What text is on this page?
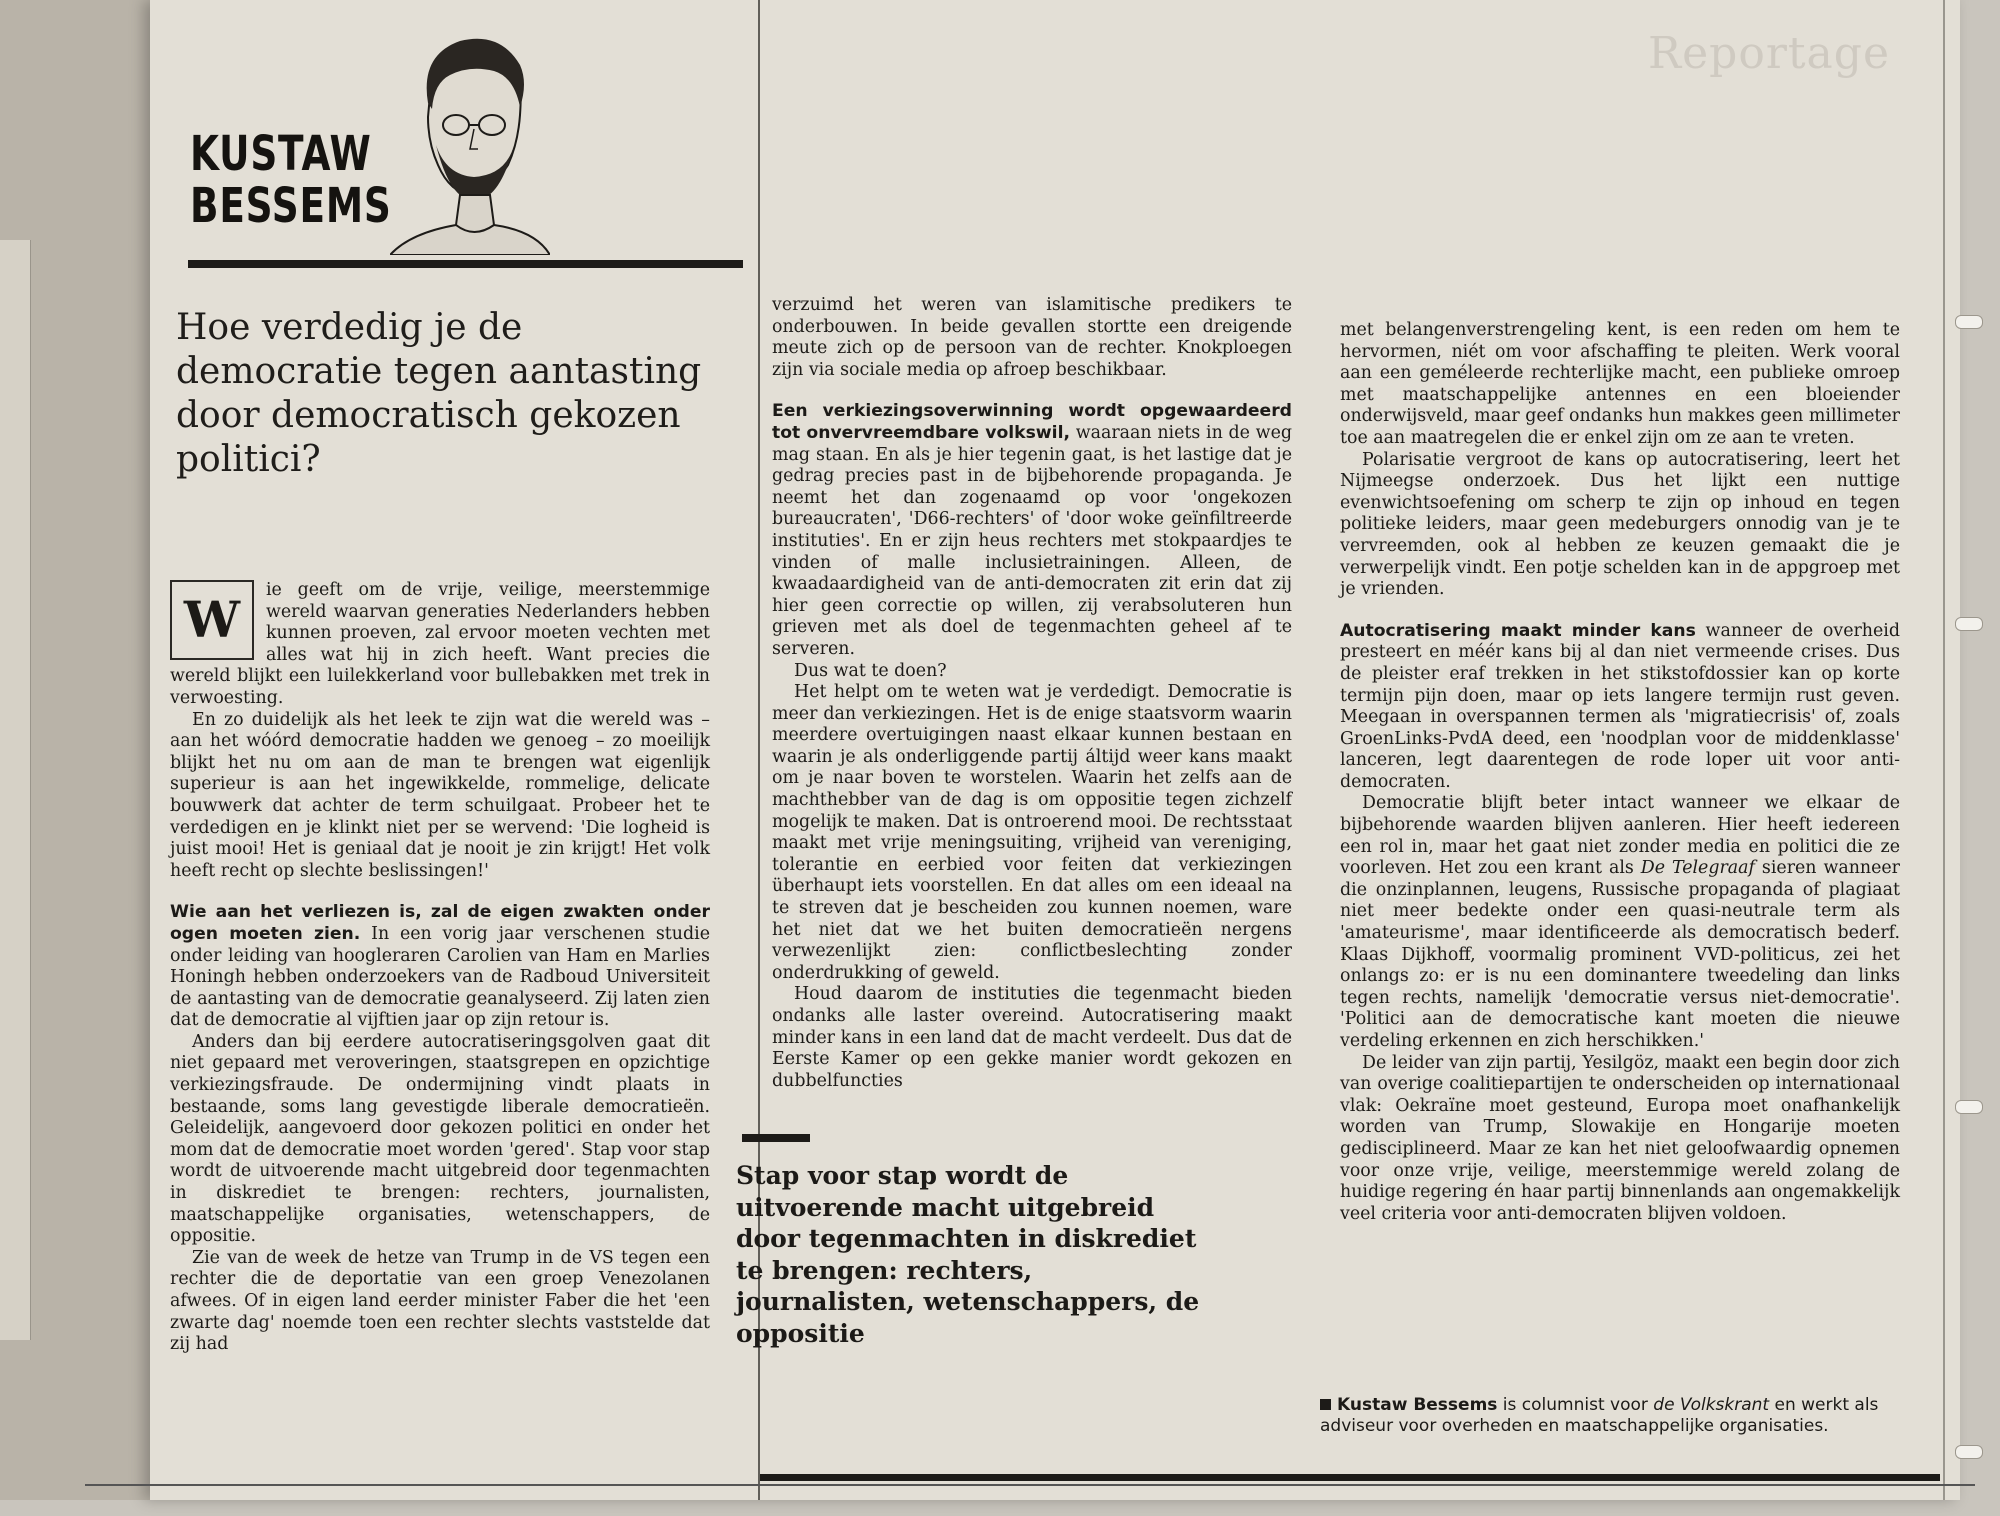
Reportage
KUSTAW
BESSEMS
Hoe verdedig je de democratie tegen aantasting door democratisch gekozen politici?

W
ie geeft om de vrije, veilige, meerstemmige wereld waarvan generaties Nederlanders hebben kunnen proeven, zal ervoor moeten vechten met alles wat hij in zich heeft. Want precies die wereld blijkt een luilekkerland voor bullebakken met trek in verwoesting.

En zo duidelijk als het leek te zijn wat die wereld was – aan het wóórd democratie hadden we genoeg – zo moeilijk blijkt het nu om aan de man te brengen wat eigenlijk superieur is aan het ingewikkelde, rommelige, delicate bouwwerk dat achter de term schuilgaat. Probeer het te verdedigen en je klinkt niet per se wervend: 'Die logheid is juist mooi! Het is geniaal dat je nooit je zin krijgt! Het volk heeft recht op slechte beslissingen!'

Wie aan het verliezen is, zal de eigen zwakten onder ogen moeten zien. In een vorig jaar verschenen studie onder leiding van hoogleraren Carolien van Ham en Marlies Honingh hebben onderzoekers van de Radboud Universiteit de aantasting van de democratie geanalyseerd. Zij laten zien dat de democratie al vijftien jaar op zijn retour is.

Anders dan bij eerdere autocratiseringsgolven gaat dit niet gepaard met veroveringen, staatsgrepen en opzichtige verkiezingsfraude. De ondermijning vindt plaats in bestaande, soms lang gevestigde liberale democratieën. Geleidelijk, aangevoerd door gekozen politici en onder het mom dat de democratie moet worden 'gered'. Stap voor stap wordt de uitvoerende macht uitgebreid door tegenmachten in diskrediet te brengen: rechters, journalisten, maatschappelijke organisaties, wetenschappers, de oppositie.

Zie van de week de hetze van Trump in de VS tegen een rechter die de deportatie van een groep Venezolanen afwees. Of in eigen land eerder minister Faber die het 'een zwarte dag' noemde toen een rechter slechts vaststelde dat zij had

verzuimd het weren van islamitische predikers te onderbouwen. In beide gevallen stortte een dreigende meute zich op de persoon van de rechter. Knokploegen zijn via sociale media op afroep beschikbaar.

Een verkiezingsoverwinning wordt opgewaardeerd tot onvervreemdbare volkswil, waaraan niets in de weg mag staan. En als je hier tegenin gaat, is het lastige dat je gedrag precies past in de bijbehorende propaganda. Je neemt het dan zogenaamd op voor 'ongekozen bureaucraten', 'D66-rechters' of 'door woke geïnfiltreerde instituties'. En er zijn heus rechters met stokpaardjes te vinden of malle inclusietrainingen. Alleen, de kwaadaardigheid van de anti-democraten zit erin dat zij hier geen correctie op willen, zij verabsoluteren hun grieven met als doel de tegenmachten geheel af te serveren.

Dus wat te doen?

Het helpt om te weten wat je verdedigt. Democratie is meer dan verkiezingen. Het is de enige staatsvorm waarin meerdere overtuigingen naast elkaar kunnen bestaan en waarin je als onderliggende partij áltijd weer kans maakt om je naar boven te worstelen. Waarin het zelfs aan de machthebber van de dag is om oppositie tegen zichzelf mogelijk te maken. Dat is ontroerend mooi. De rechtsstaat maakt met vrije meningsuiting, vrijheid van vereniging, tolerantie en eerbied voor feiten dat verkiezingen überhaupt iets voorstellen. En dat alles om een ideaal na te streven dat je bescheiden zou kunnen noemen, ware het niet dat we het buiten democratieën nergens verwezenlijkt zien: conflictbeslechting zonder onderdrukking of geweld.

Houd daarom de instituties die tegenmacht bieden ondanks alle laster overeind. Autocratisering maakt minder kans in een land dat de macht verdeelt. Dus dat de Eerste Kamer op een gekke manier wordt gekozen en dubbelfuncties

Stap voor stap wordt de uitvoerende macht uitgebreid door tegenmachten in diskrediet te brengen: rechters, journalisten, wetenschappers, de oppositie

met belangenverstrengeling kent, is een reden om hem te hervormen, niét om voor afschaffing te pleiten. Werk vooral aan een geméleerde rechterlijke macht, een publieke omroep met maatschappelijke antennes en een bloeiender onderwijsveld, maar geef ondanks hun makkes geen millimeter toe aan maatregelen die er enkel zijn om ze aan te vreten.

Polarisatie vergroot de kans op autocratisering, leert het Nijmeegse onderzoek. Dus het lijkt een nuttige evenwichtsoefening om scherp te zijn op inhoud en tegen politieke leiders, maar geen medeburgers onnodig van je te vervreemden, ook al hebben ze keuzen gemaakt die je verwerpelijk vindt. Een potje schelden kan in de appgroep met je vrienden.

Autocratisering maakt minder kans wanneer de overheid presteert en méér kans bij al dan niet vermeende crises. Dus de pleister eraf trekken in het stikstofdossier kan op korte termijn pijn doen, maar op iets langere termijn rust geven. Meegaan in overspannen termen als 'migratiecrisis' of, zoals GroenLinks-PvdA deed, een 'noodplan voor de middenklasse' lanceren, legt daarentegen de rode loper uit voor anti-democraten.

Democratie blijft beter intact wanneer we elkaar de bijbehorende waarden blijven aanleren. Hier heeft iedereen een rol in, maar het gaat niet zonder media en politici die ze voorleven. Het zou een krant als De Telegraaf sieren wanneer die onzinplannen, leugens, Russische propaganda of plagiaat niet meer bedekte onder een quasi-neutrale term als 'amateurisme', maar identificeerde als democratisch bederf. Klaas Dijkhoff, voormalig prominent VVD-politicus, zei het onlangs zo: er is nu een dominantere tweedeling dan links tegen rechts, namelijk 'democratie versus niet-democratie'. 'Politici aan de democratische kant moeten die nieuwe verdeling erkennen en zich herschikken.'

De leider van zijn partij, Yesilgöz, maakt een begin door zich van overige coalitiepartijen te onderscheiden op internationaal vlak: Oekraïne moet gesteund, Europa moet onafhankelijk worden van Trump, Slowakije en Hongarije moeten gedisciplineerd. Maar ze kan het niet geloofwaardig opnemen voor onze vrije, veilige, meerstemmige wereld zolang de huidige regering én haar partij binnenlands aan ongemakkelijk veel criteria voor anti-democraten blijven voldoen.

Kustaw Bessems is columnist voor de Volkskrant en werkt als adviseur voor overheden en maatschappelijke organisaties.
